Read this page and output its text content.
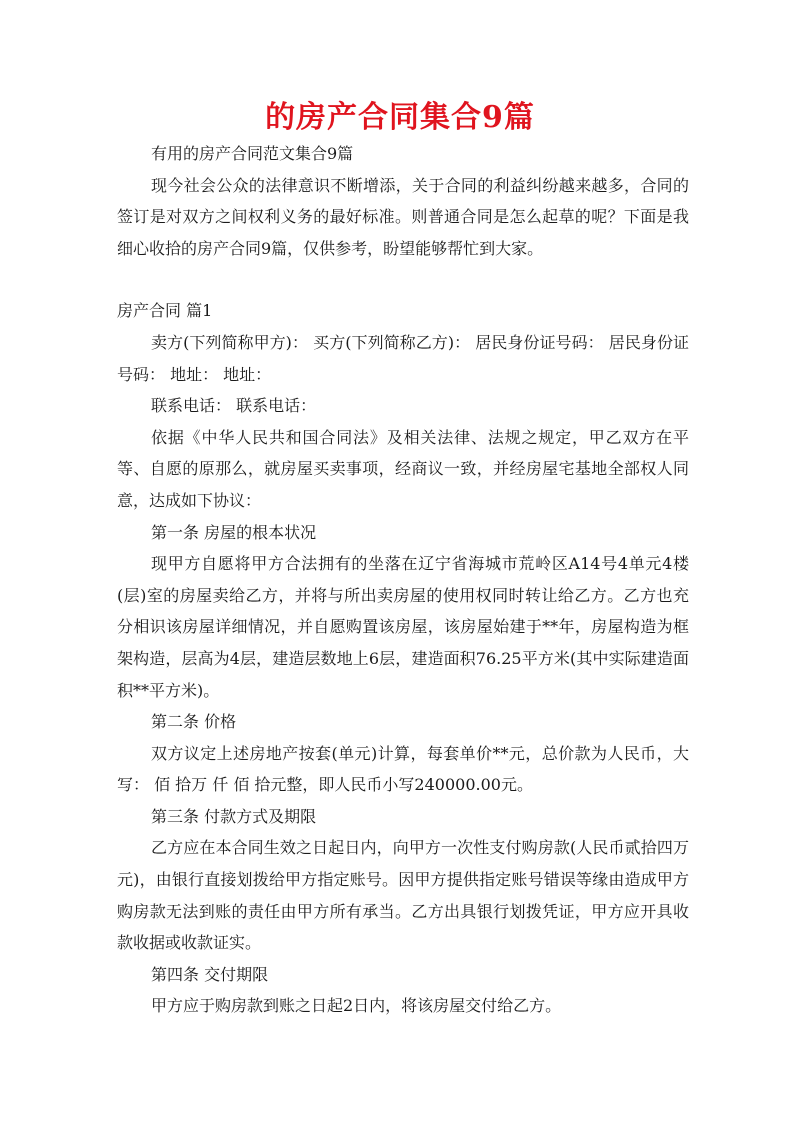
的房产合同集合9篇

有用的房产合同范文集合9篇

现今社会公众的法律意识不断增添，关于合同的利益纠纷越来越多，合同的签订是对双方之间权利义务的最好标准。则普通合同是怎么起草的呢？下面是我细心收拾的房产合同9篇，仅供参考，盼望能够帮忙到大家。

房产合同 篇1

卖方(下列简称甲方)： 买方(下列简称乙方)： 居民身份证号码： 居民身份证号码： 地址： 地址：

联系电话： 联系电话：

依据《中华人民共和国合同法》及相关法律、法规之规定，甲乙双方在平等、自愿的原那么，就房屋买卖事项，经商议一致，并经房屋宅基地全部权人同意，达成如下协议：

第一条 房屋的根本状况

现甲方自愿将甲方合法拥有的坐落在辽宁省海城市荒岭区A14号4单元4楼(层)室的房屋卖给乙方，并将与所出卖房屋的使用权同时转让给乙方。乙方也充分相识该房屋详细情况，并自愿购置该房屋，该房屋始建于**年，房屋构造为框架构造，层高为4层，建造层数地上6层，建造面积76.25平方米(其中实际建造面积**平方米)。

第二条 价格

双方议定上述房地产按套(单元)计算，每套单价**元，总价款为人民币，大写： 佰 拾万 仟 佰 拾元整，即人民币小写240000.00元。

第三条 付款方式及期限

乙方应在本合同生效之日起日内，向甲方一次性支付购房款(人民币贰拾四万元)，由银行直接划拨给甲方指定账号。因甲方提供指定账号错误等缘由造成甲方购房款无法到账的责任由甲方所有承当。乙方出具银行划拨凭证，甲方应开具收款收据或收款证实。

第四条 交付期限

甲方应于购房款到账之日起2日内，将该房屋交付给乙方。
